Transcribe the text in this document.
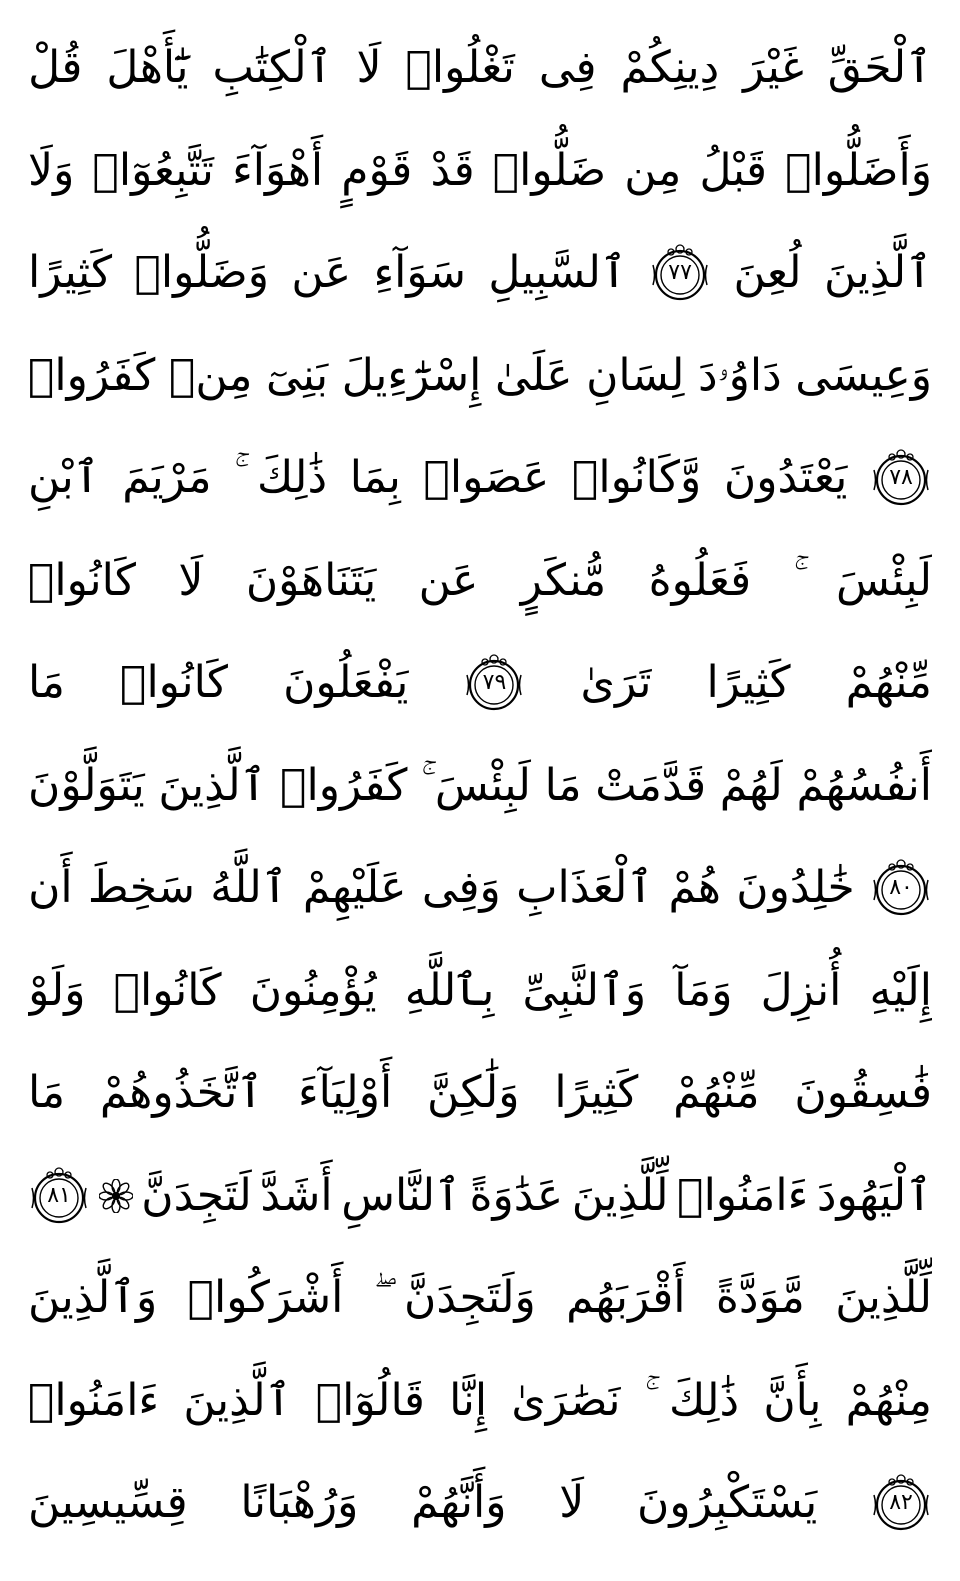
قُلْ يَٰٓأَهْلَ ٱلْكِتَٰبِ لَا تَغْلُوا۟ فِى دِينِكُمْ غَيْرَ ٱلْحَقِّ
وَلَا تَتَّبِعُوٓا۟ أَهْوَآءَ قَوْمٍ قَدْ ضَلُّوا۟ مِن قَبْلُ وَأَضَلُّوا۟
كَثِيرًا وَضَلُّوا۟ عَن سَوَآءِ ٱلسَّبِيلِ ٧٧ لُعِنَ ٱلَّذِينَ
كَفَرُوا۟ مِنۢ بَنِىٓ إِسْرَٰٓءِيلَ عَلَىٰ لِسَانِ دَاوُۥدَ وَعِيسَى
ٱبْنِ مَرْيَمَ ذَٰلِكَ بِمَا عَصَوا۟ وَّكَانُوا۟ يَعْتَدُونَ ٧٨
كَانُوا۟ لَا يَتَنَاهَوْنَ عَن مُّنكَرٍ فَعَلُوهُ لَبِئْسَ
مَا كَانُوا۟ يَفْعَلُونَ	٧٩ تَرَىٰ كَثِيرًا مِّنْهُمْ
يَتَوَلَّوْنَ ٱلَّذِينَ كَفَرُوا۟ لَبِئْسَ مَا قَدَّمَتْ لَهُمْ أَنفُسُهُمْ
أَن سَخِطَ ٱللَّهُ عَلَيْهِمْ وَفِى ٱلْعَذَابِ هُمْ خَٰلِدُونَ ٨٠
وَلَوْ كَانُوا۟ يُؤْمِنُونَ بِٱللَّهِ وَٱلنَّبِىِّ وَمَآ أُنزِلَ إِلَيْهِ
مَا ٱتَّخَذُوهُمْ أَوْلِيَآءَ وَلَٰكِنَّ كَثِيرًا مِّنْهُمْ فَٰسِقُونَ
٨١ لَتَجِدَنَّ أَشَدَّ ٱلنَّاسِ عَدَٰوَةً لِّلَّذِينَ ءَامَنُوا۟ ٱلْيَهُودَ
وَٱلَّذِينَ أَشْرَكُوا۟ وَلَتَجِدَنَّ أَقْرَبَهُم مَّوَدَّةً لِّلَّذِينَ
ءَامَنُوا۟ ٱلَّذِينَ قَالُوٓا۟ إِنَّا نَصَٰرَىٰ ذَٰلِكَ بِأَنَّ مِنْهُمْ
قِسِّيسِينَ وَرُهْبَانًا وَأَنَّهُمْ لَا يَسْتَكْبِرُونَ	٨٢
